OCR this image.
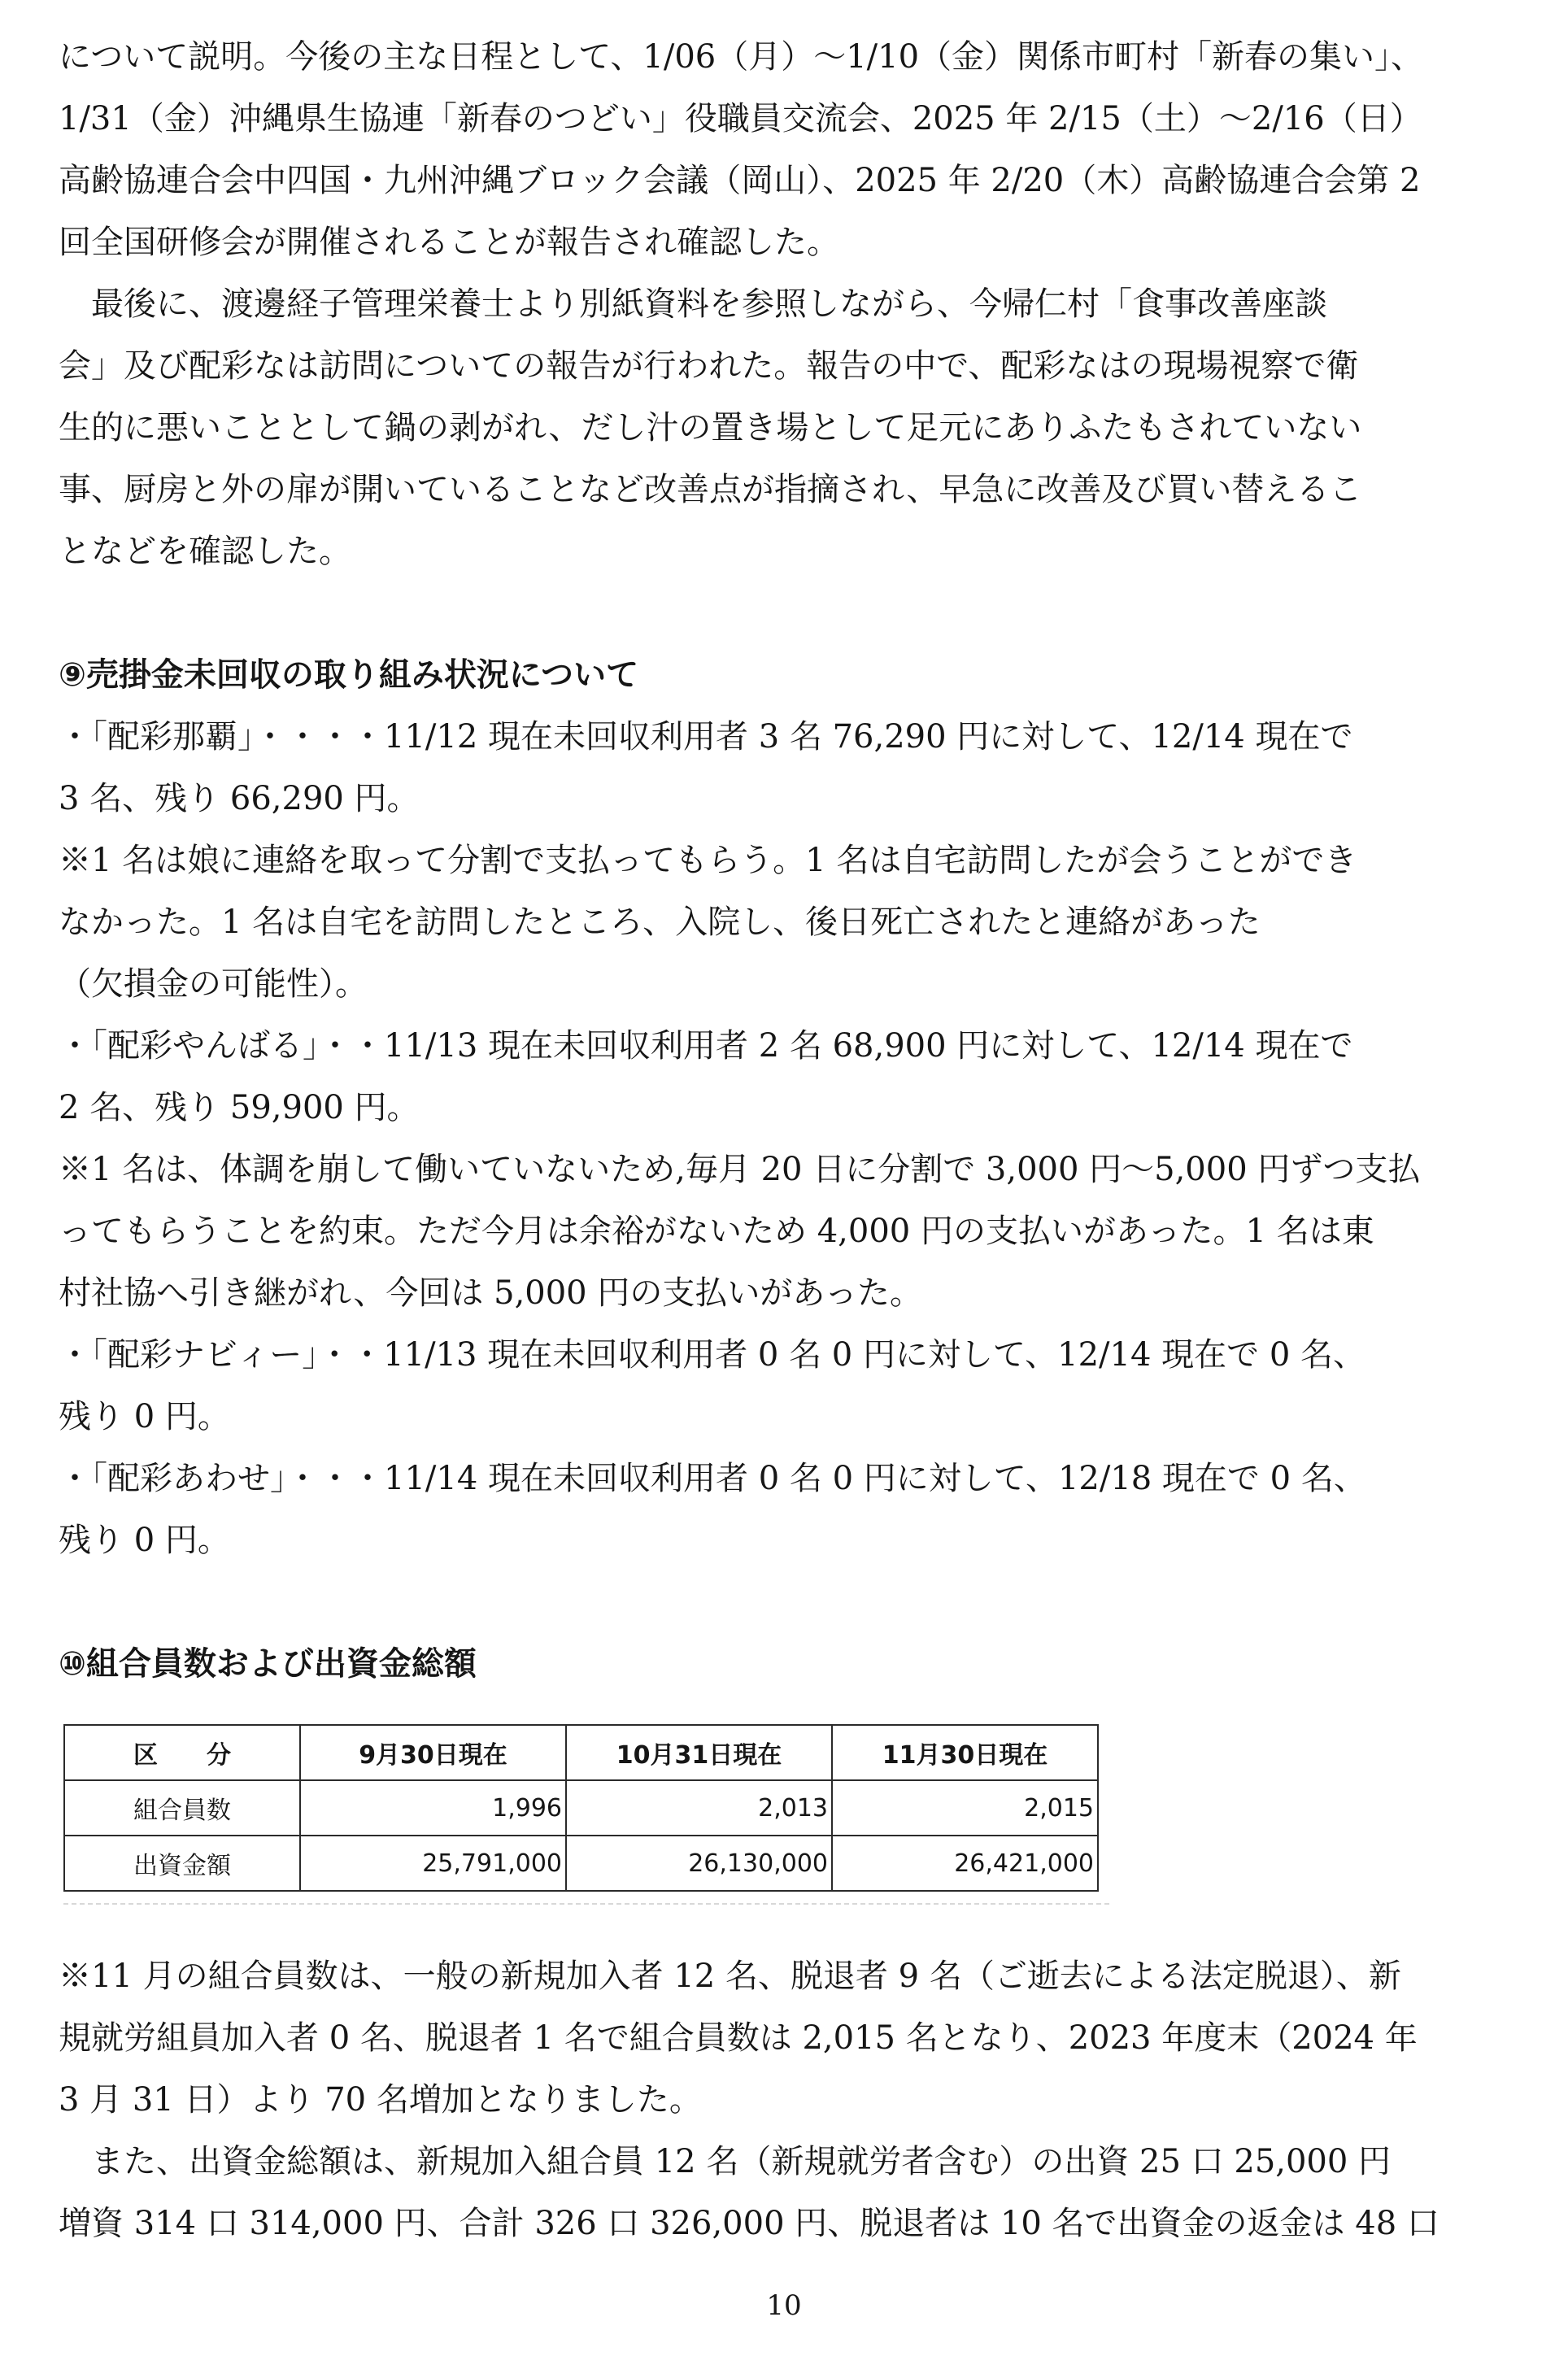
について説明。今後の主な日程として、1/06（月）～1/10（金）関係市町村「新春の集い」、
1/31（金）沖縄県生協連「新春のつどい」役職員交流会、2025 年 2/15（土）～2/16（日）
高齢協連合会中四国・九州沖縄ブロック会議（岡山）、2025 年 2/20（木）高齢協連合会第 2
回全国研修会が開催されることが報告され確認した。
　最後に、渡邊経子管理栄養士より別紙資料を参照しながら、今帰仁村「食事改善座談
会」及び配彩なは訪問についての報告が行われた。報告の中で、配彩なはの現場視察で衛
生的に悪いこととして鍋の剥がれ、だし汁の置き場として足元にありふたもされていない
事、厨房と外の扉が開いていることなど改善点が指摘され、早急に改善及び買い替えるこ
となどを確認した。
⑨売掛金未回収の取り組み状況について
・「配彩那覇」・・・・11/12 現在未回収利用者 3 名 76,290 円に対して、12/14 現在で
3 名、残り 66,290 円。
※1 名は娘に連絡を取って分割で支払ってもらう。1 名は自宅訪問したが会うことができ
なかった。1 名は自宅を訪問したところ、入院し、後日死亡されたと連絡があった
（欠損金の可能性）。
・「配彩やんばる」・・11/13 現在未回収利用者 2 名 68,900 円に対して、12/14 現在で
2 名、残り 59,900 円。
※1 名は、体調を崩して働いていないため,毎月 20 日に分割で 3,000 円～5,000 円ずつ支払
ってもらうことを約束。ただ今月は余裕がないため 4,000 円の支払いがあった。1 名は東
村社協へ引き継がれ、今回は 5,000 円の支払いがあった。
・「配彩ナビィー」・・11/13 現在未回収利用者 0 名 0 円に対して、12/14 現在で 0 名、
残り 0 円。
・「配彩あわせ」・・・11/14 現在未回収利用者 0 名 0 円に対して、12/18 現在で 0 名、
残り 0 円。
⑩組合員数および出資金総額
区　　分	9月30日現在	10月31日現在	11月30日現在
組合員数	1,996	2,013	2,015
出資金額	25,791,000	26,130,000	26,421,000
※11 月の組合員数は、一般の新規加入者 12 名、脱退者 9 名（ご逝去による法定脱退）、新
規就労組員加入者 0 名、脱退者 1 名で組合員数は 2,015 名となり、2023 年度末（2024 年
3 月 31 日）より 70 名増加となりました。
　また、出資金総額は、新規加入組合員 12 名（新規就労者含む）の出資 25 口 25,000 円
増資 314 口 314,000 円、合計 326 口 326,000 円、脱退者は 10 名で出資金の返金は 48 口
10
